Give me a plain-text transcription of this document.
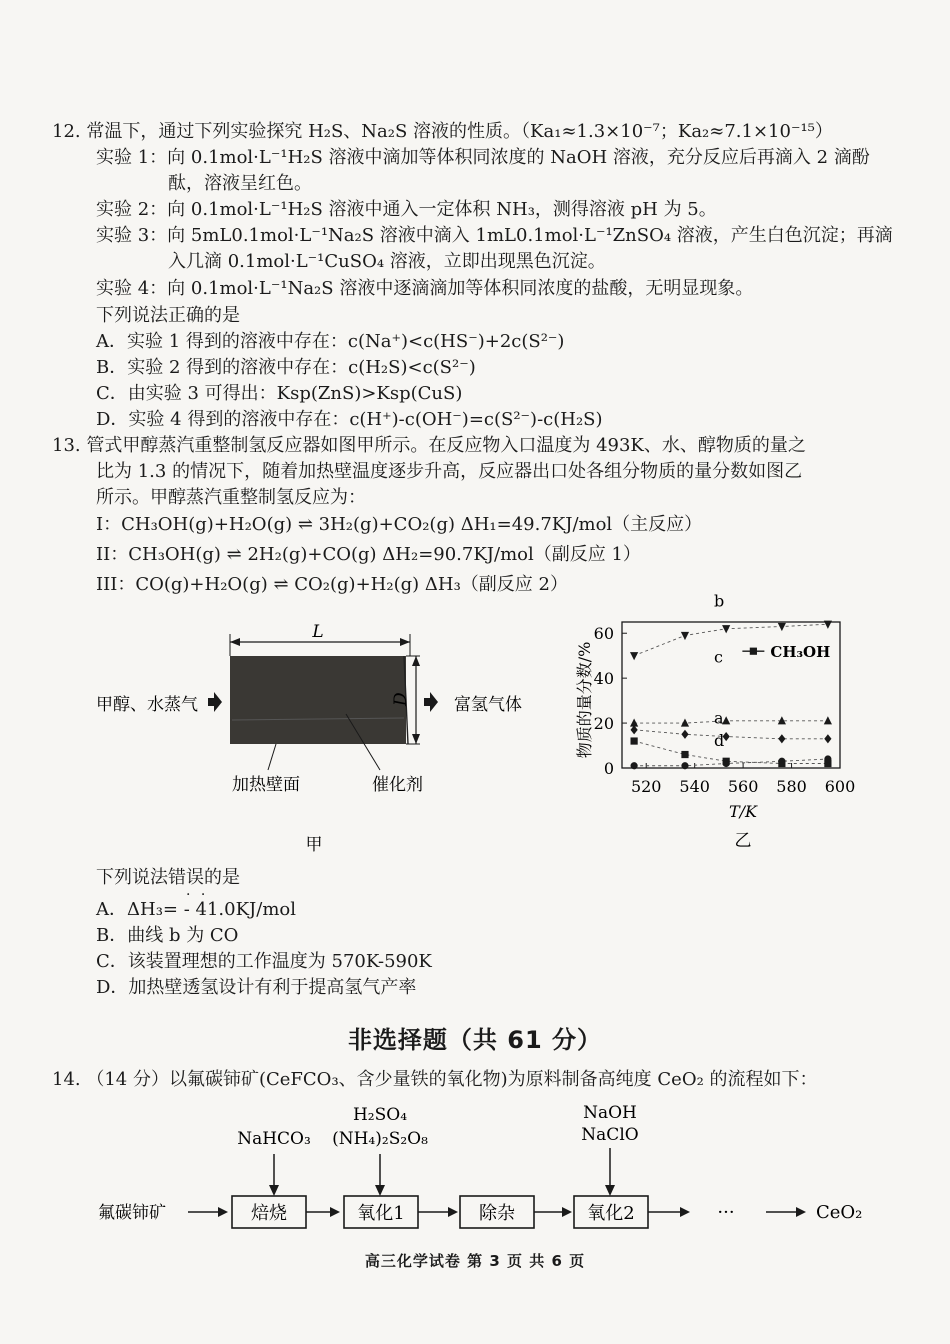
12. 常温下，通过下列实验探究 H₂S、Na₂S 溶液的性质。（Ka₁≈1.3×10⁻⁷；Ka₂≈7.1×10⁻¹⁵）
实验 1：向 0.1mol·L⁻¹H₂S 溶液中滴加等体积同浓度的 NaOH 溶液，充分反应后再滴入 2 滴酚
酞，溶液呈红色。
实验 2：向 0.1mol·L⁻¹H₂S 溶液中通入一定体积 NH₃，测得溶液 pH 为 5。
实验 3：向 5mL0.1mol·L⁻¹Na₂S 溶液中滴入 1mL0.1mol·L⁻¹ZnSO₄ 溶液，产生白色沉淀；再滴
入几滴 0.1mol·L⁻¹CuSO₄ 溶液，立即出现黑色沉淀。
实验 4：向 0.1mol·L⁻¹Na₂S 溶液中逐滴滴加等体积同浓度的盐酸，无明显现象。
下列说法正确的是
A．实验 1 得到的溶液中存在：c(Na⁺)<c(HS⁻)+2c(S²⁻)
B．实验 2 得到的溶液中存在：c(H₂S)<c(S²⁻)
C．由实验 3 可得出：Ksp(ZnS)>Ksp(CuS)
D．实验 4 得到的溶液中存在：c(H⁺)-c(OH⁻)=c(S²⁻)-c(H₂S)
13. 管式甲醇蒸汽重整制氢反应器如图甲所示。在反应物入口温度为 493K、水、醇物质的量之
比为 1.3 的情况下，随着加热壁温度逐步升高，反应器出口处各组分物质的量分数如图乙
所示。甲醇蒸汽重整制氢反应为：
I：CH₃OH(g)+H₂O(g) ⇌ 3H₂(g)+CO₂(g) ΔH₁=49.7KJ/mol（主反应）
II：CH₃OH(g) ⇌ 2H₂(g)+CO(g) ΔH₂=90.7KJ/mol（副反应 1）
III：CO(g)+H₂O(g) ⇌ CO₂(g)+H₂(g) ΔH₃（副反应 2）
L
D
甲醇、水蒸气	富氢气体
加热壁面	催化剂
甲
物质的量分数/%
T/K
乙
520 540 560 580 600
0
20
40
60
a
b
c
d
CH₃OH
下列说法错误 · ·的是
A．ΔH₃= - 41.0KJ/mol
B．曲线 b 为 CO
C．该装置理想的工作温度为 570K-590K
D．加热壁透氢设计有利于提高氢气产率
非选择题（共 61 分）
14. （14 分）以氟碳铈矿(CeFCO₃、含少量铁的氧化物)为原料制备高纯度 CeO₂ 的流程如下：
NaHCO₃
H₂SO₄
(NH₄)₂S₂O₈
NaOH
NaClO
氟碳铈矿	焙烧	氧化1	除杂	氧化2	···	CeO₂
高三化学试卷 第 3 页 共 6 页
